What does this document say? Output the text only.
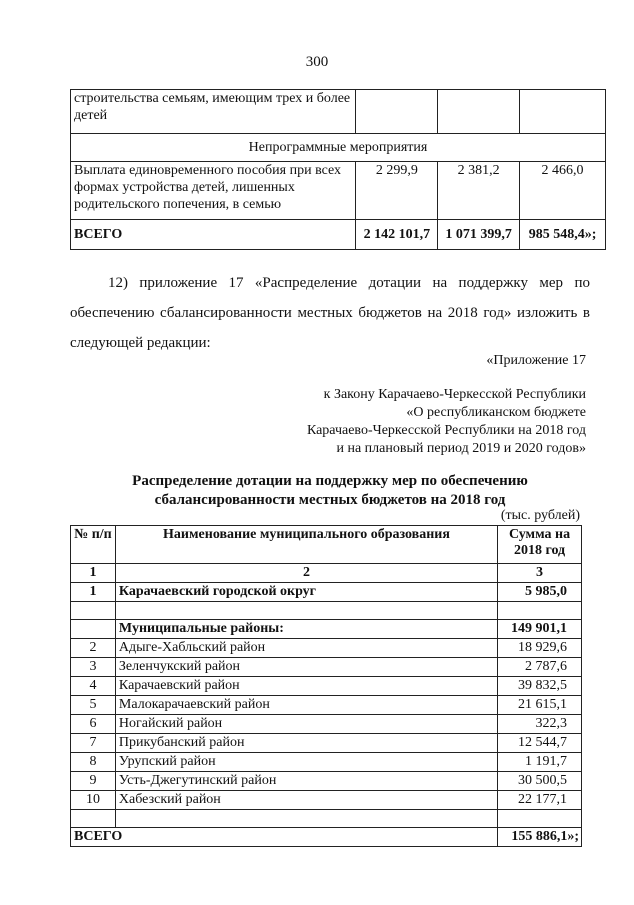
300
строительства семьям, имеющим трех и более детей			
Непрограммные мероприятия			
Выплата единовременного пособия при всех формах устройства детей, лишенных родительского попечения, в семью	2 299,9	2 381,2	2 466,0
ВСЕГО	2 142 101,7	1 071 399,7	985 548,4»;
12) приложение 17 «Распределение дотации на поддержку мер по обеспечению сбалансированности местных бюджетов на 2018 год» изложить в следующей редакции:
«Приложение 17
к Закону Карачаево-Черкесской Республики
«О республиканском бюджете
Карачаево-Черкесской Республики на 2018 год
и на плановый период 2019 и 2020 годов»
Распределение дотации на поддержку мер по обеспечению
сбалансированности местных бюджетов на 2018 год
(тыс. рублей)
№ п/п	Наименование муниципального образования	Сумма на 2018 год
1	2	3
1	Карачаевский городской округ	5 985,0

	Муниципальные районы:	149 901,1
2	Адыге-Хабльский район	18 929,6
3	Зеленчукский район	2 787,6
4	Карачаевский район	39 832,5
5	Малокарачаевский район	21 615,1
6	Ногайский район	322,3
7	Прикубанский район	12 544,7
8	Урупский район	1 191,7
9	Усть-Джегутинский район	30 500,5
10	Хабезский район	22 177,1

ВСЕГО		155 886,1»;
